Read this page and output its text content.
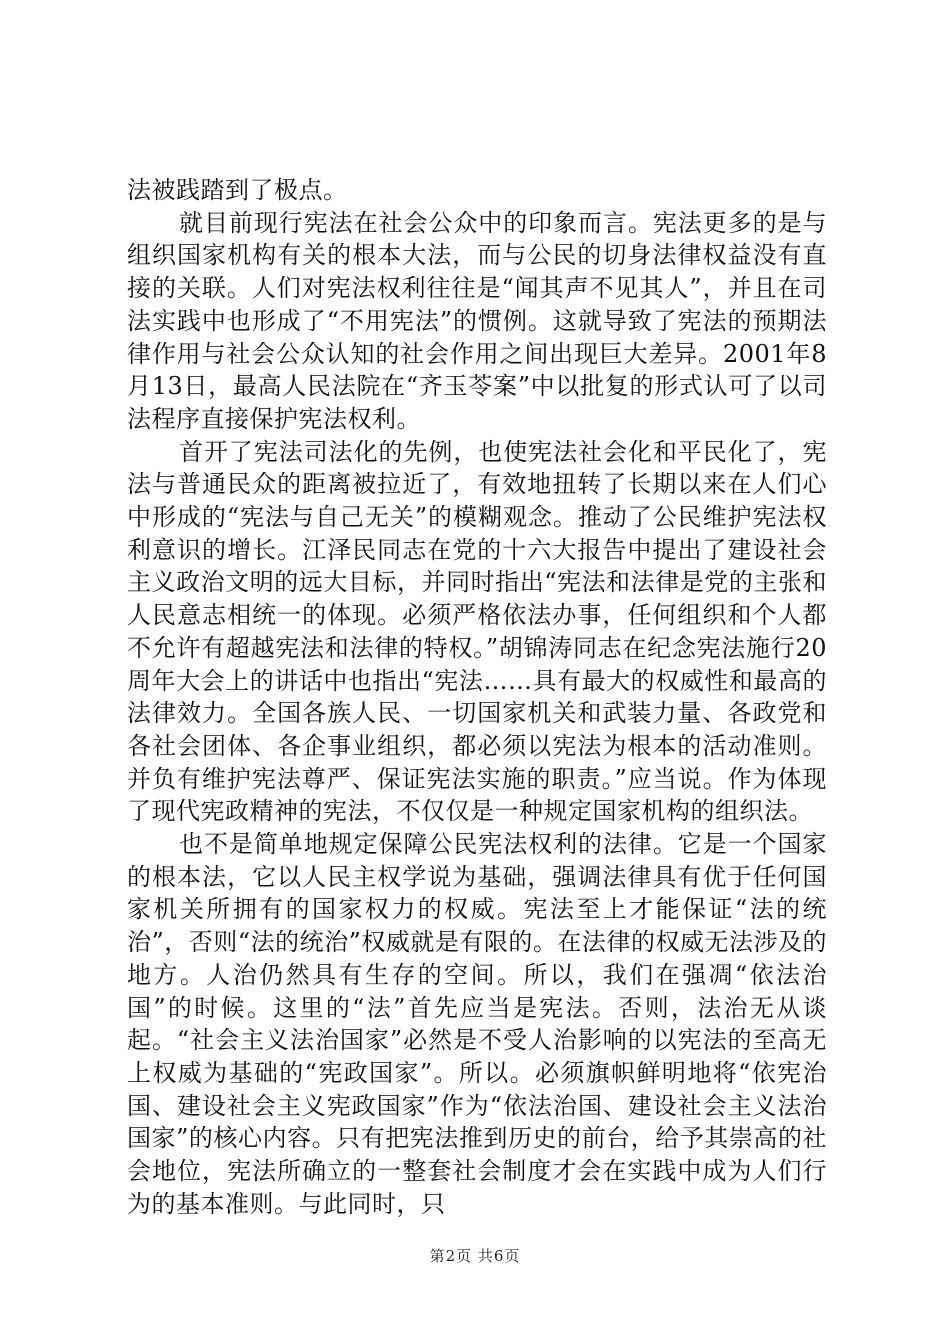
法被践踏到了极点。

就目前现行宪法在社会公众中的印象而言。宪法更多的是与组织国家机构有关的根本大法，而与公民的切身法律权益没有直接的关联。人们对宪法权利往往是“闻其声不见其人”，并且在司法实践中也形成了“不用宪法”的惯例。这就导致了宪法的预期法律作用与社会公众认知的社会作用之间出现巨大差异。2001年8月13日，最高人民法院在“齐玉苓案”中以批复的形式认可了以司法程序直接保护宪法权利。

首开了宪法司法化的先例，也使宪法社会化和平民化了，宪法与普通民众的距离被拉近了，有效地扭转了长期以来在人们心中形成的“宪法与自己无关”的模糊观念。推动了公民维护宪法权利意识的增长。江泽民同志在党的十六大报告中提出了建设社会主义政治文明的远大目标，并同时指出“宪法和法律是党的主张和人民意志相统一的体现。必须严格依法办事，任何组织和个人都不允许有超越宪法和法律的特权。”胡锦涛同志在纪念宪法施行20周年大会上的讲话中也指出“宪法……具有最大的权威性和最高的法律效力。全国各族人民、一切国家机关和武装力量、各政党和各社会团体、各企事业组织，都必须以宪法为根本的活动准则。并负有维护宪法尊严、保证宪法实施的职责。”应当说。作为体现了现代宪政精神的宪法，不仅仅是一种规定国家机构的组织法。

也不是简单地规定保障公民宪法权利的法律。它是一个国家的根本法，它以人民主权学说为基础，强调法律具有优于任何国家机关所拥有的国家权力的权威。宪法至上才能保证“法的统治”，否则“法的统治”权威就是有限的。在法律的权威无法涉及的地方。人治仍然具有生存的空间。所以，我们在强凋“依法治国”的时候。这里的“法”首先应当是宪法。否则，法治无从谈起。“社会主义法治国家”必然是不受人治影响的以宪法的至高无上权威为基础的“宪政国家”。所以。必须旗帜鲜明地将“依宪治国、建设社会主义宪政国家”作为“依法治国、建设社会主义法治国家”的核心内容。只有把宪法推到历史的前台，给予其崇高的社会地位，宪法所确立的一整套社会制度才会在实践中成为人们行为的基本准则。与此同时，只

第2页 共6页
